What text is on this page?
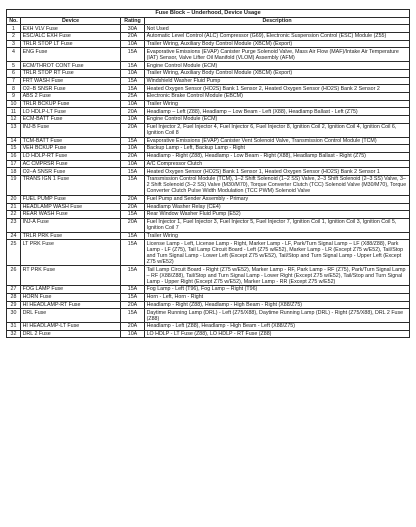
Fuse Block – Underhood, Device Usage			
No.	Device	Rating	Description
1	EXH VLV Fuse	30A	Not Used
2	ESC/ALC EXH Fuse	20A	Automatic Level Control (ALC) Compressor (G69), Electronic Suspension Control (ESC) Module (Z55)
3	TRLR STOP LT Fuse	10A	Trailer Wiring, Auxiliary Body Control Module (XBCM) (Export)
4	ENG Fuse	15A	Evaporative Emissions (EVAP) Canister Purge Solenoid Valve, Mass Air Flow (MAF)/Intake Air Temperature (IAT) Sensor, Valve Lifter Oil Manifold (VLOM) Assembly (AFM)
5	ECM/THROT CONT Fuse	15A	Engine Control Module (ECM)
6	TRLR STOP RT Fuse	10A	Trailer Wiring, Auxiliary Body Control Module (XBCM) (Export)
7	FRT WASH Fuse	15A	Windshield Washer Fluid Pump
8	O2–B SNSR Fuse	15A	Heated Oxygen Sensor (HO2S) Bank 1 Sensor 2, Heated Oxygen Sensor (HO2S) Bank 2 Sensor 2
9	ABS 2 Fuse	25A	Electronic Brake Control Module (EBCM)
10	TRLR BCKUP Fuse	10A	Trailer Wiring
11	LO HDLP-LT Fuse	20A	Headlamp – Left (Z88), Headlamp – Low Beam - Left (X88), Headlamp Ballast - Left (Z75)
12	ECM-BATT Fuse	10A	Engine Control Module (ECM)
13	INJ-B Fuse	20A	Fuel Injector 2, Fuel Injector 4, Fuel Injector 6, Fuel Injector 8, Ignition Coil 2, Ignition Coil 4, Ignition Coil 6, Ignition Coil 8
14	TCM-BATT Fuse	15A	Evaporative Emissions (EVAP) Canister Vent Solenoid Valve, Transmission Control Module (TCM)
15	VEH BCKUP Fuse	10A	Backup Lamp - Left, Backup Lamp - Right
16	LO HDLP-RT Fuse	20A	Headlamp - Right (Z88), Headlamp - Low Beam - Right (X88), Headlamp Ballast - Right (Z75)
17	AC CMPRSR Fuse	10A	A/C Compressor Clutch
18	O2–A SNSR Fuse	15A	Heated Oxygen Sensor (HO2S) Bank 1 Sensor 1, Heated Oxygen Sensor (HO2S) Bank 2 Sensor 1
19	TRANS IGN 1 Fuse	15A	Transmission Control Module (TCM), 1–2 Shift Solenoid (1–2 SS) Valve, 2–3 Shift Solenoid (2–3 SS) Valve, 3–2 Shift Solenoid (3–2 SS) Valve (M30/M70), Torque Converter Clutch (TCC) Solenoid Valve (M30/M70), Torque Converter Clutch Pulse Width Modulation (TCC PWM) Solenoid Valve
20	FUEL PUMP Fuse	20A	Fuel Pump and Sender Assembly - Primary
21	HEADLAMP WASH Fuse	20A	Headlamp Washer Relay (CE4)
22	REAR WASH Fuse	15A	Rear Window Washer Fluid Pump (E52)
23	INJ-A Fuse	20A	Fuel Injector 1, Fuel Injector 3, Fuel Injector 5, Fuel Injector 7, Ignition Coil 1, Ignition Coil 3, Ignition Coil 5, Ignition Coil 7
24	TRLR PRK Fuse	15A	Trailer Wiring
25	LT PRK Fuse	15A	License Lamp - Left, License Lamp - Right, Marker Lamp - LF, Park/Turn Signal Lamp – LF (X88/Z88), Park Lamp - LF (Z75), Tail Lamp Circuit Board - Left (Z75 w/E52), Marker Lamp - LR (Except Z75 w/E52), Tail/Stop and Turn Signal Lamp - Lower Left (Except Z75 w/E52), Tail/Stop and Turn Signal Lamp - Upper Left (Except Z75 w/E52)
26	RT PRK Fuse	15A	Tail Lamp Circuit Board - Right (Z75 w/E52), Marker Lamp - RF, Park Lamp - RF (Z75), Park/Turn Signal Lamp – RF (X88/Z88), Tail/Stop and Turn Signal Lamp - Lower Right (Except Z75 w/E52), Tail/Stop and Turn Signal Lamp - Upper Right (Except Z75 w/E52), Marker Lamp - RR (Except Z75 w/E52)
27	FOG LAMP Fuse	15A	Fog Lamp - Left (T96), Fog Lamp – Right (T96)
28	HORN Fuse	15A	Horn - Left, Horn - Right
29	HI HEADLAMP-RT Fuse	20A	Headlamp - Right (Z88), Headlamp - High Beam - Right (X88/Z75)
30	DRL Fuse	15A	Daytime Running Lamp (DRL) - Left (Z75/X88), Daytime Running Lamp (DRL) - Right (Z75/X88), DRL 2 Fuse (Z88)
31	HI HEADLAMP-LT Fuse	20A	Headlamp - Left (Z88), Headlamp - High Beam - Left (X88/Z75)
32	DRL 2 Fuse	10A	LO HDLP - LT Fuse (Z88), LO HDLP - RT Fuse (Z88)
